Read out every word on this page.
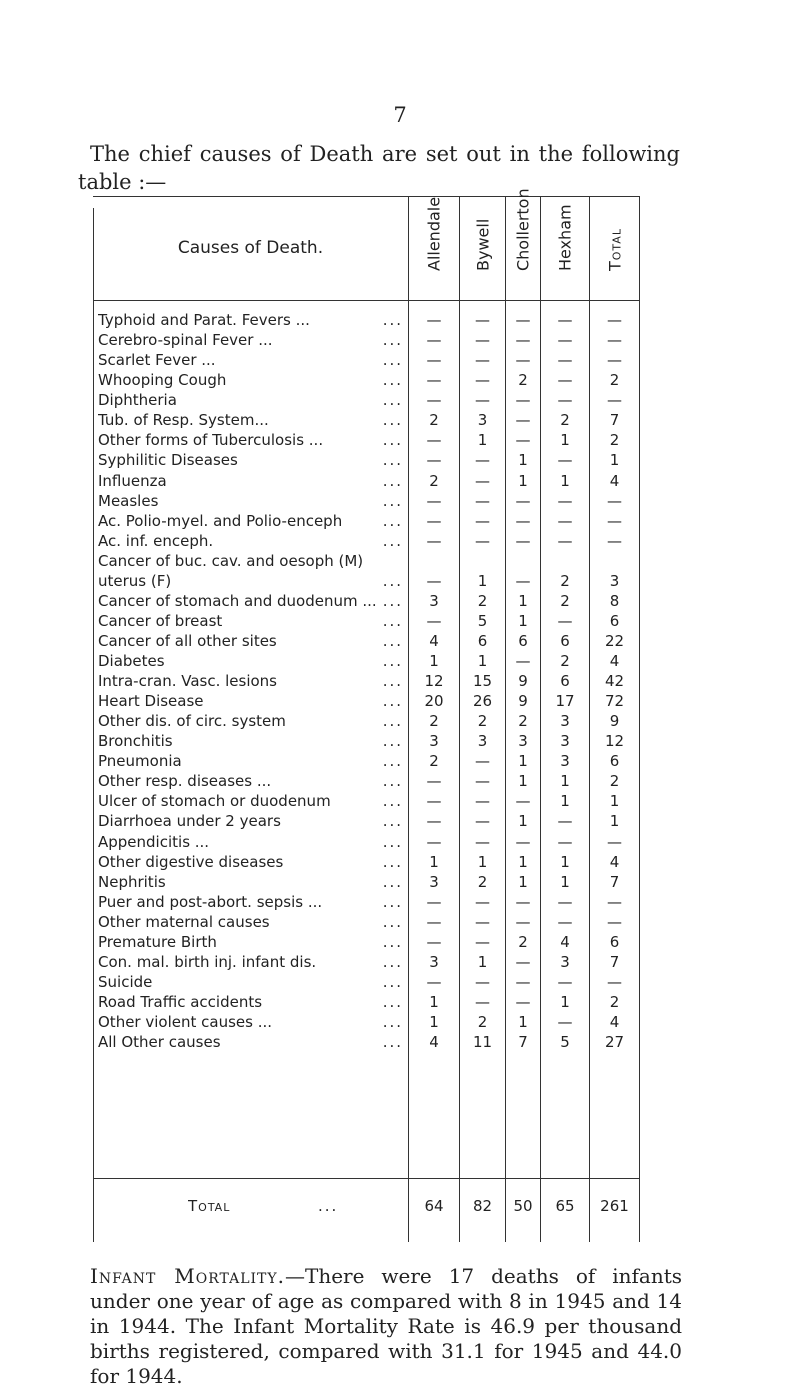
7
The chief causes of Death are set out in the following
table :—
Causes of Death.	Allendale Bywell Chollerton Hexham Total
Typhoid and Parat. Fevers ...	...	—	—	—	—	—
Cerebro-spinal Fever ...	...	—	—	—	—	—
Scarlet Fever ...	...	—	—	—	—	—
Whooping Cough	...	—	—	2	—	2
Diphtheria	...	—	—	—	—	—
Tub. of Resp. System...	...	2	3	—	2	7
Other forms of Tuberculosis ...	...	—	1	—	1	2
Syphilitic Diseases	...	—	—	1	—	1
Influenza	...	2	—	1	1	4
Measles	...	—	—	—	—	—
Ac. Polio-myel. and Polio-enceph	...	—	—	—	—	—
Ac. inf. enceph.	...	—	—	—	—	—
Cancer of buc. cav. and oesoph (M) uterus (F)	...	—	1	—	2	3
Cancer of stomach and duodenum ... ...	3	2	1	2	8
Cancer of breast	...	—	5	1	—	6
Cancer of all other sites	...	4	6	6	6	22
Diabetes	...	1	1	—	2	4
Intra-cran. Vasc. lesions	...	12	15	9	6	42
Heart Disease	...	20	26	9	17	72
Other dis. of circ. system	...	2	2	2	3	9
Bronchitis	...	3	3	3	3	12
Pneumonia	...	2	—	1	3	6
Other resp. diseases ...	...	—	—	1	1	2
Ulcer of stomach or duodenum	...	—	—	—	1	1
Diarrhoea under 2 years	...	—	—	1	—	1
Appendicitis ...	...	—	—	—	—	—
Other digestive diseases	...	1	1	1	1	4
Nephritis	...	3	2	1	1	7
Puer and post-abort. sepsis ...	...	—	—	—	—	—
Other maternal causes	...	—	—	—	—	—
Premature Birth	...	—	—	2	4	6
Con. mal. birth inj. infant dis.	...	3	1	—	3	7
Suicide	...	—	—	—	—	—
Road Traffic accidents	...	1	—	—	1	2
Other violent causes ...	...	1	2	1	—	4
All Other causes	...	4	11	7	5	27
Total	...	64	82	50	65	261

Infant Mortality.—There were 17 deaths of infants under one year of age as compared with 8 in 1945 and 14 in 1944. The Infant Mortality Rate is 46.9 per thousand births registered, compared with 31.1 for 1945 and 44.0 for 1944.
